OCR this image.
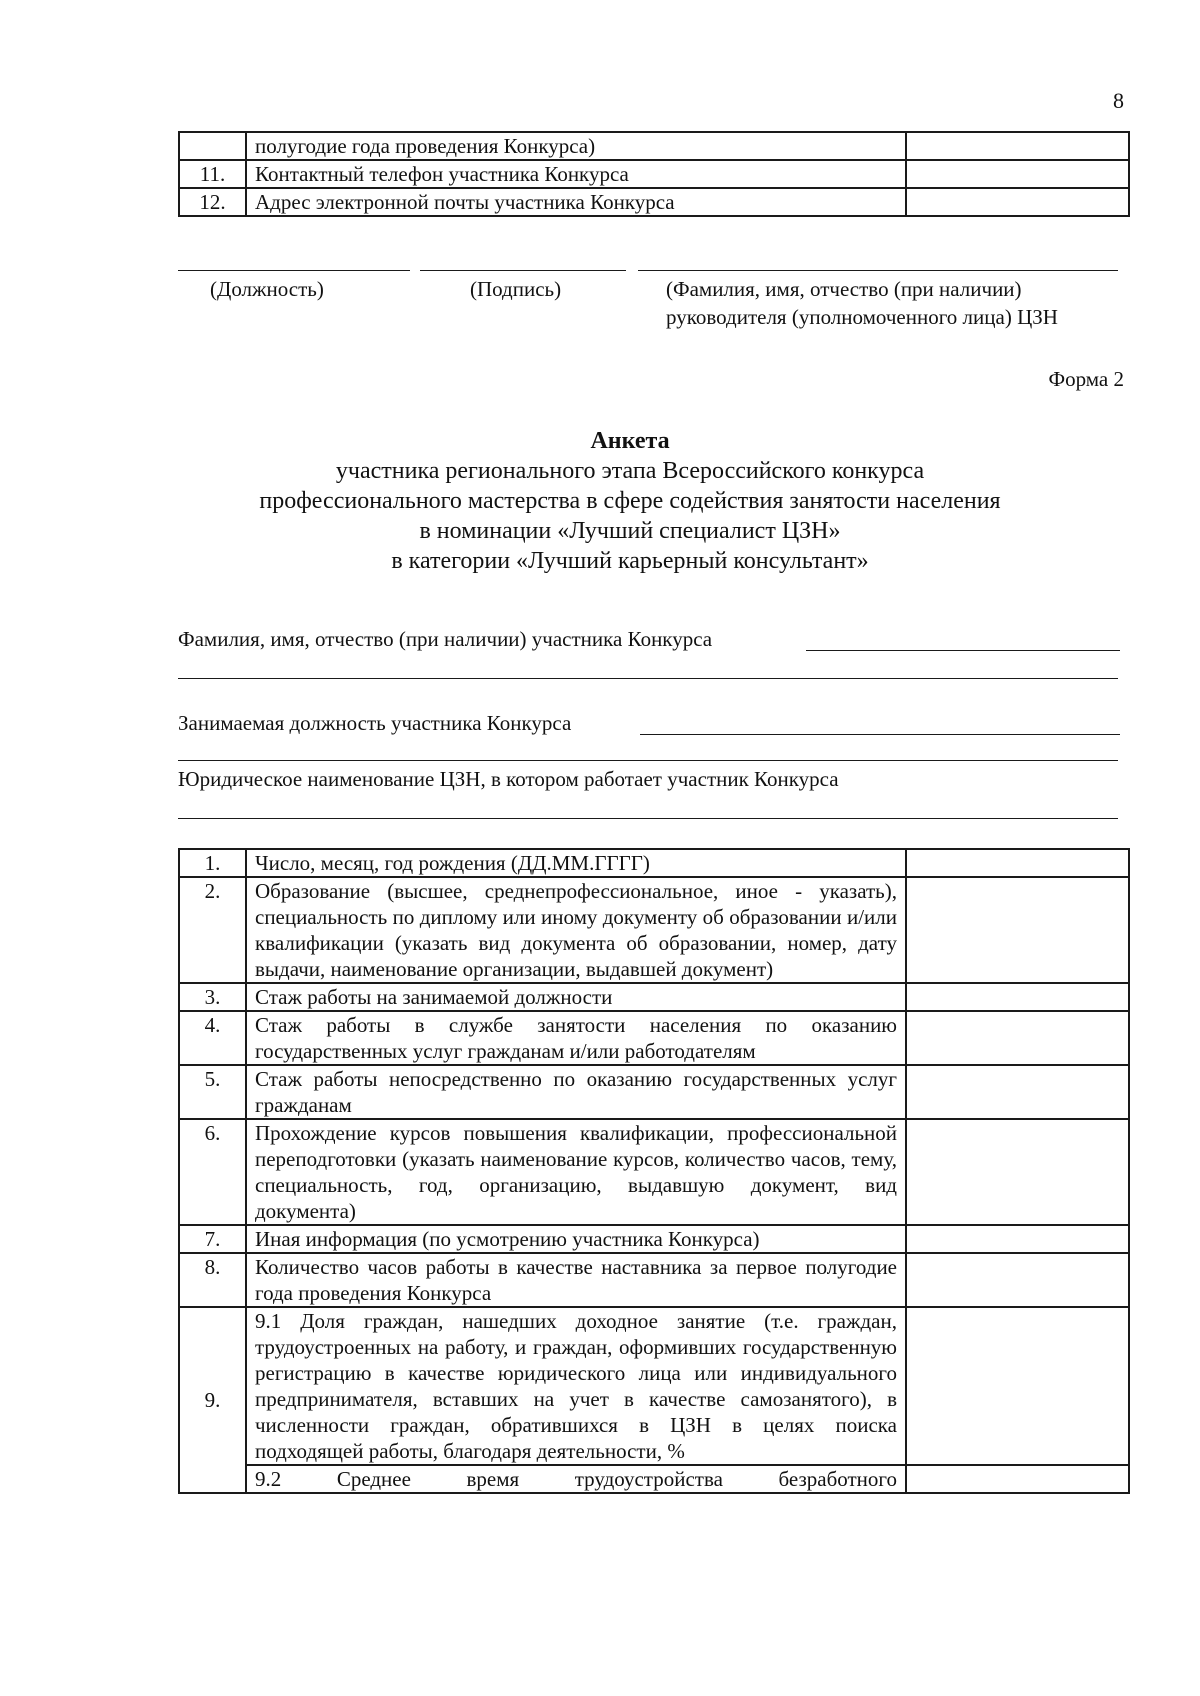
8
	полугодие года проведения Конкурса)	
11.	Контактный телефон участника Конкурса	
12.	Адрес электронной почты участника Конкурса	
(Должность)	(Подпись)	(Фамилия, имя, отчество (при наличии)
руководителя (уполномоченного лица) ЦЗН
Форма 2
Анкета
участника регионального этапа Всероссийского конкурса
профессионального мастерства в сфере содействия занятости населения
в номинации «Лучший специалист ЦЗН»
в категории «Лучший карьерный консультант»
Фамилия, имя, отчество (при наличии) участника Конкурса
Занимаемая должность участника Конкурса
Юридическое наименование ЦЗН, в котором работает участник Конкурса
1.	Число, месяц, год рождения (ДД.ММ.ГГГГ)	
2.	Образование (высшее, среднепрофессиональное, иное - указать), специальность по диплому или иному документу об образовании и/или квалификации (указать вид документа об образовании, номер, дату выдачи, наименование организации, выдавшей документ)	
3.	Стаж работы на занимаемой должности	
4.	Стаж работы в службе занятости населения по оказанию государственных услуг гражданам и/или работодателям	
5.	Стаж работы непосредственно по оказанию государственных услуг гражданам	
6.	Прохождение курсов повышения квалификации, профессиональной переподготовки (указать наименование курсов, количество часов, тему, специальность, год, организацию, выдавшую документ, вид документа)	
7.	Иная информация (по усмотрению участника Конкурса)	
8.	Количество часов работы в качестве наставника за первое полугодие года проведения Конкурса	
9.	9.1 Доля граждан, нашедших доходное занятие (т.е. граждан, трудоустроенных на работу, и граждан, оформивших государственную регистрацию в качестве юридического лица или индивидуального предпринимателя, вставших на учет в качестве самозанятого), в численности граждан, обратившихся в ЦЗН в целях поиска подходящей работы, благодаря деятельности, %	
	9.2 Среднее время трудоустройства безработного	
